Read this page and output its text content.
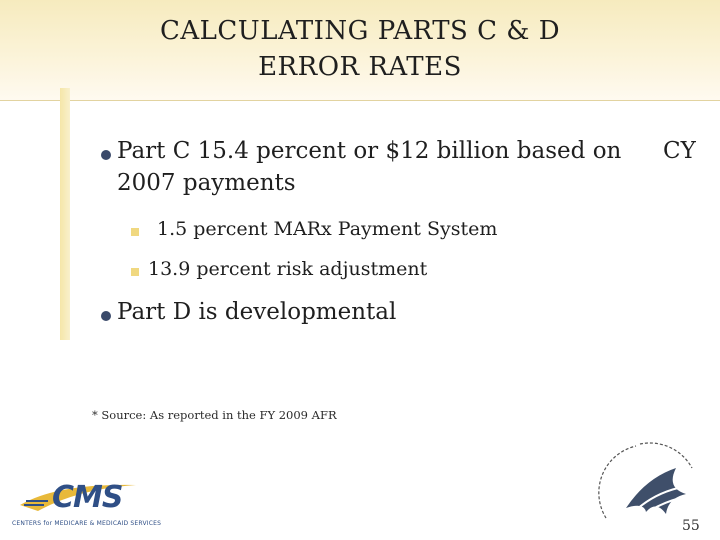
CALCULATING PARTS C & D
ERROR RATES
Part C 15.4 percent or $12 billion based on CY
2007 payments
1.5 percent MARx Payment System
13.9 percent risk adjustment
Part D is developmental
* Source: As reported in the FY 2009 AFR
CMS
CENTERS for MEDICARE & MEDICAID SERVICES	55
